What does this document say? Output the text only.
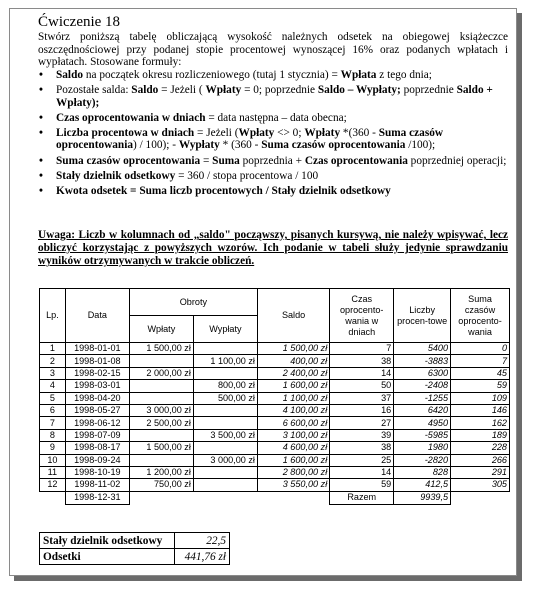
Ćwiczenie 18
Stwórz poniższą tabelę obliczającą wysokość należnych odsetek na obiegowej książeczce oszczędnościowej przy podanej stopie procentowej wynoszącej 16% oraz podanych wpłatach i wypłatach. Stosowane formuły:
• Saldo na początek okresu rozliczeniowego (tutaj 1 stycznia) = Wpłata z tego dnia;
• Pozostałe salda: Saldo = Jeżeli ( Wpłaty = 0; poprzednie Saldo – Wypłaty; poprzednie Saldo + Wpłaty);
• Czas oprocentowania w dniach = data następna – data obecna;
• Liczba procentowa w dniach = Jeżeli (Wpłaty <> 0; Wpłaty *(360 - Suma czasów oprocentowania) / 100); - Wypłaty * (360 - Suma czasów oprocentowania /100);
• Suma czasów oprocentowania = Suma poprzednia + Czas oprocentowania poprzedniej operacji;
• Stały dzielnik odsetkowy = 360 / stopa procentowa / 100
• Kwota odsetek = Suma liczb procentowych / Stały dzielnik odsetkowy
Uwaga: Liczb w kolumnach od „saldo" począwszy, pisanych kursywą, nie należy wpisywać, lecz obliczyć korzystając z powyższych wzorów. Ich podanie w tabeli służy jedynie sprawdzaniu wyników otrzymywanych w trakcie obliczeń.
Lp.	Data	Obroty		Saldo	Czas oprocento-wania w dniach	Liczby procen-towe	Suma czasów oprocento-wania
		Wpłaty	Wypłaty				
1	1998-01-01	1 500,00 zł		1 500,00 zł	7	5400	0
2	1998-01-08		1 100,00 zł	400,00 zł	38	-3883	7
3	1998-02-15	2 000,00 zł		2 400,00 zł	14	6300	45
4	1998-03-01		800,00 zł	1 600,00 zł	50	-2408	59
5	1998-04-20		500,00 zł	1 100,00 zł	37	-1255	109
6	1998-05-27	3 000,00 zł		4 100,00 zł	16	6420	146
7	1998-06-12	2 500,00 zł		6 600,00 zł	27	4950	162
8	1998-07-09		3 500,00 zł	3 100,00 zł	39	-5985	189
9	1998-08-17	1 500,00 zł		4 600,00 zł	38	1980	228
10	1998-09-24		3 000,00 zł	1 600,00 zł	25	-2820	266
11	1998-10-19	1 200,00 zł		2 800,00 zł	14	828	291
12	1998-11-02	750,00 zł		3 550,00 zł	59	412,5	305
	1998-12-31				Razem	9939,5	
Stały dzielnik odsetkowy	22,5
Odsetki	441,76 zł
